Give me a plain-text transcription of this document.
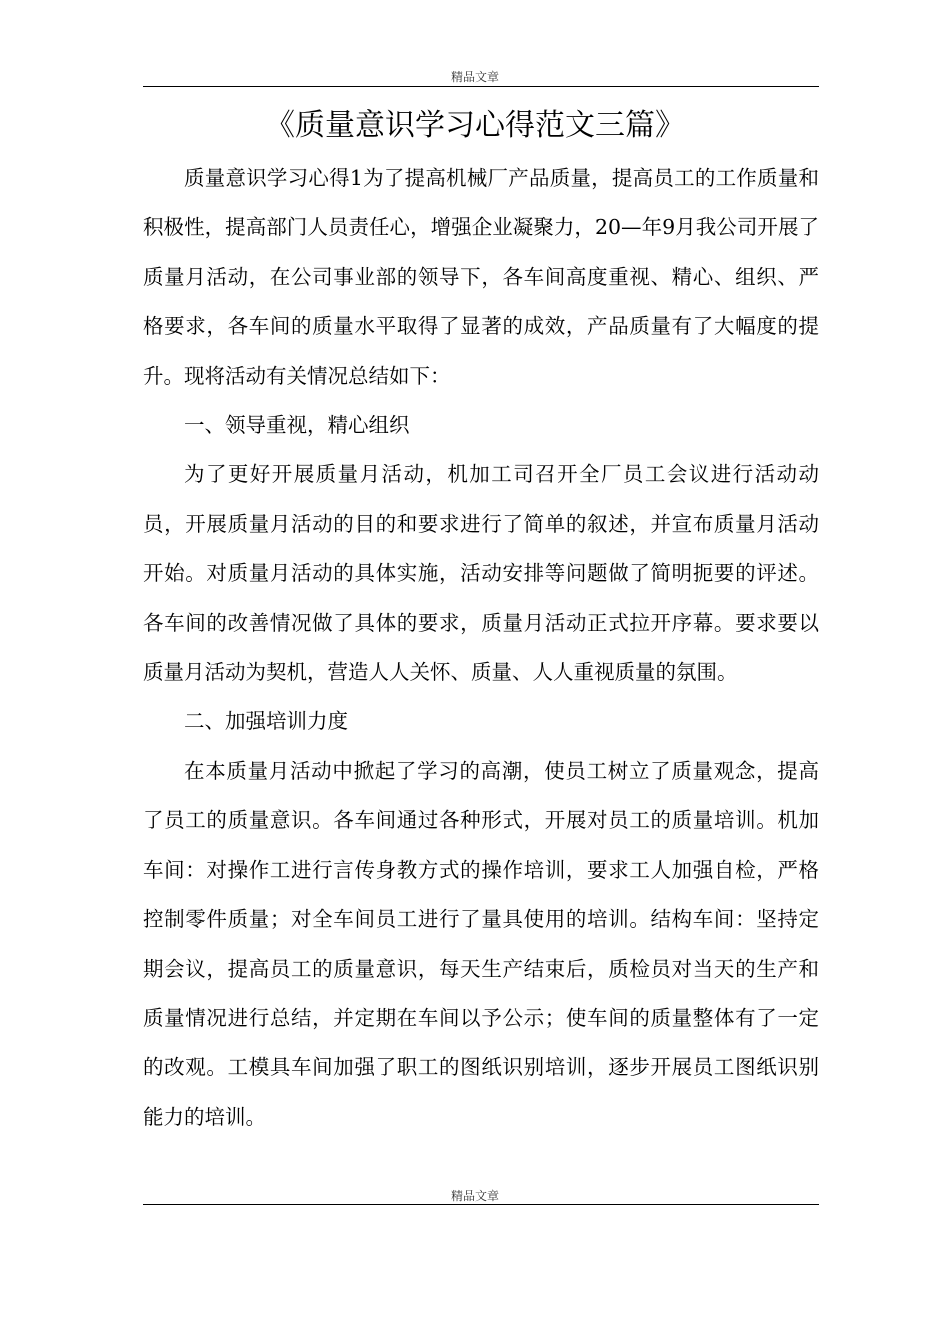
精品文章
《质量意识学习心得范文三篇》

质量意识学习心得1为了提高机械厂产品质量，提高员工的工作质量和积极性，提高部门人员责任心，增强企业凝聚力，20—年9月我公司开展了质量月活动，在公司事业部的领导下，各车间高度重视、精心、组织、严格要求，各车间的质量水平取得了显著的成效，产品质量有了大幅度的提升。现将活动有关情况总结如下：

一、领导重视，精心组织

为了更好开展质量月活动，机加工司召开全厂员工会议进行活动动员，开展质量月活动的目的和要求进行了简单的叙述，并宣布质量月活动开始。对质量月活动的具体实施，活动安排等问题做了简明扼要的评述。各车间的改善情况做了具体的要求，质量月活动正式拉开序幕。要求要以质量月活动为契机，营造人人关怀、质量、人人重视质量的氛围。

二、加强培训力度

在本质量月活动中掀起了学习的高潮，使员工树立了质量观念，提高了员工的质量意识。各车间通过各种形式，开展对员工的质量培训。机加车间：对操作工进行言传身教方式的操作培训，要求工人加强自检，严格控制零件质量；对全车间员工进行了量具使用的培训。结构车间：坚持定期会议，提高员工的质量意识，每天生产结束后，质检员对当天的生产和质量情况进行总结，并定期在车间以予公示；使车间的质量整体有了一定的改观。工模具车间加强了职工的图纸识别培训，逐步开展员工图纸识别能力的培训。

精品文章
